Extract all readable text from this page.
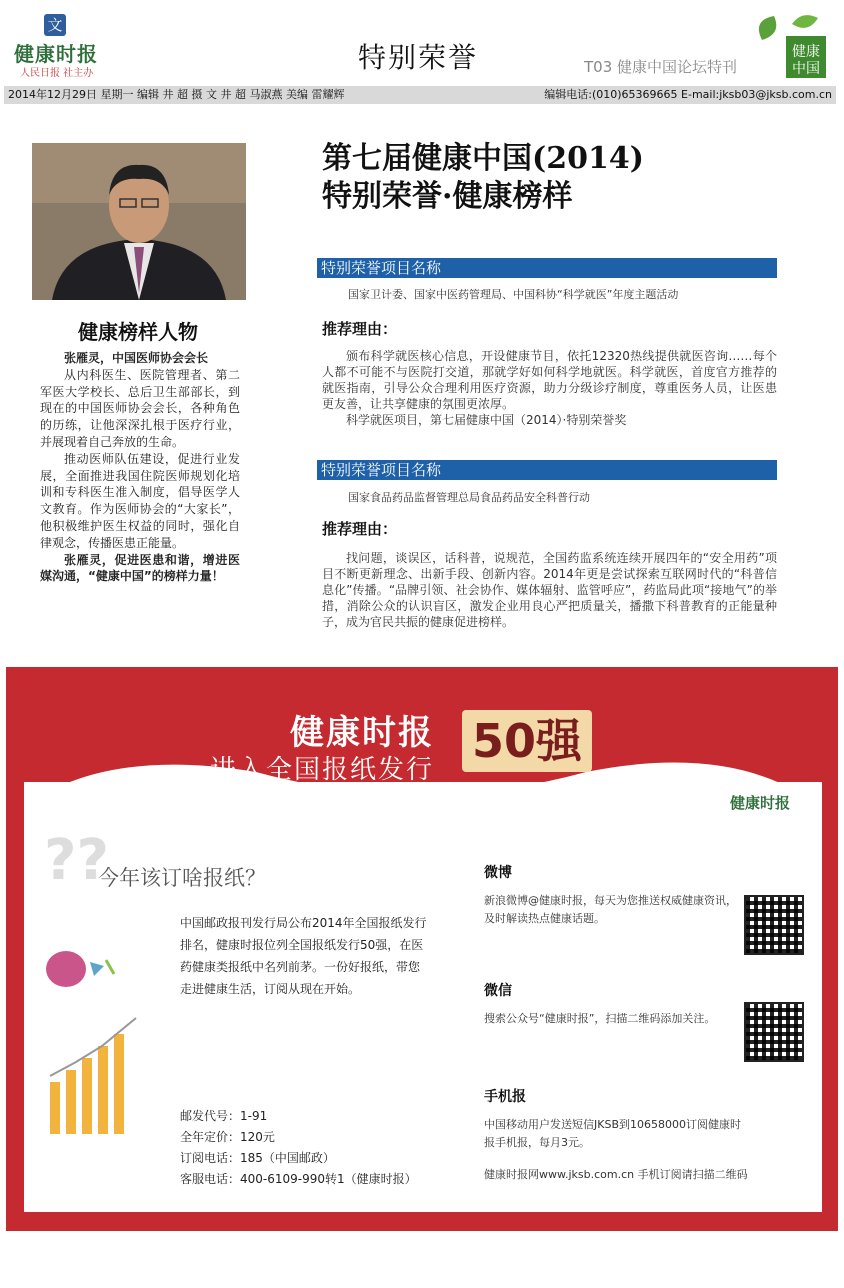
文
健康时报
人民日报 社主办	特别荣誉	T03 健康中国论坛特刊
健康
中国
2014年12月29日 星期一 编辑 井 超 摄 文 井 超 马淑燕 美编 雷耀辉	编辑电话:(010)65369665 E-mail:jksb03@jksb.com.cn
健康榜样人物

张雁灵，中国医师协会会长

从内科医生、医院管理者、第二军医大学校长、总后卫生部部长，到现在的中国医师协会会长，各种角色的历练，让他深深扎根于医疗行业，并展现着自己奔放的生命。

推动医师队伍建设，促进行业发展，全面推进我国住院医师规划化培训和专科医生准入制度，倡导医学人文教育。作为医师协会的“大家长”，他积极维护医生权益的同时，强化自律观念，传播医患正能量。

张雁灵，促进医患和谐，增进医媒沟通，“健康中国”的榜样力量！

第七届健康中国(2014)
特别荣誉·健康榜样
特别荣誉项目名称
国家卫计委、国家中医药管理局、中国科协“科学就医”年度主题活动
推荐理由：

颁布科学就医核心信息，开设健康节目，依托12320热线提供就医咨询……每个人都不可能不与医院打交道，那就学好如何科学地就医。科学就医，首度官方推荐的就医指南，引导公众合理利用医疗资源，助力分级诊疗制度，尊重医务人员，让医患更友善，让共享健康的氛围更浓厚。

科学就医项目，第七届健康中国（2014）·特别荣誉奖

特别荣誉项目名称
国家食品药品监督管理总局食品药品安全科普行动
推荐理由：

找问题，谈误区，话科普，说规范，全国药监系统连续开展四年的“安全用药”项目不断更新理念、出新手段、创新内容。2014年更是尝试探索互联网时代的“科普信息化”传播。“品牌引领、社会协作、媒体辐射、监管呼应”，药监局此项“接地气”的举措，消除公众的认识盲区，激发企业用良心严把质量关，播撒下科普教育的正能量种子，成为官民共振的健康促进榜样。

健康时报
进入全国报纸发行
50强
二〇一五年度报刊征订	健康时报
??
今年该订啥报纸？
中国邮政报刊发行局公布2014年全国报纸发行排名，健康时报位列全国报纸发行50强，在医药健康类报纸中名列前茅。一份好报纸，带您走进健康生活，订阅从现在开始。
邮发代号：1-91
全年定价：120元
订阅电话：185（中国邮政）
客服电话：400-6109-990转1（健康时报）
微博
新浪微博@健康时报，每天为您推送权威健康资讯，及时解读热点健康话题。
微信
搜索公众号“健康时报”，扫描二维码添加关注。
手机报
中国移动用户发送短信JKSB到10658000订阅健康时报手机报，每月3元。
健康时报网www.jksb.com.cn 手机订阅请扫描二维码
